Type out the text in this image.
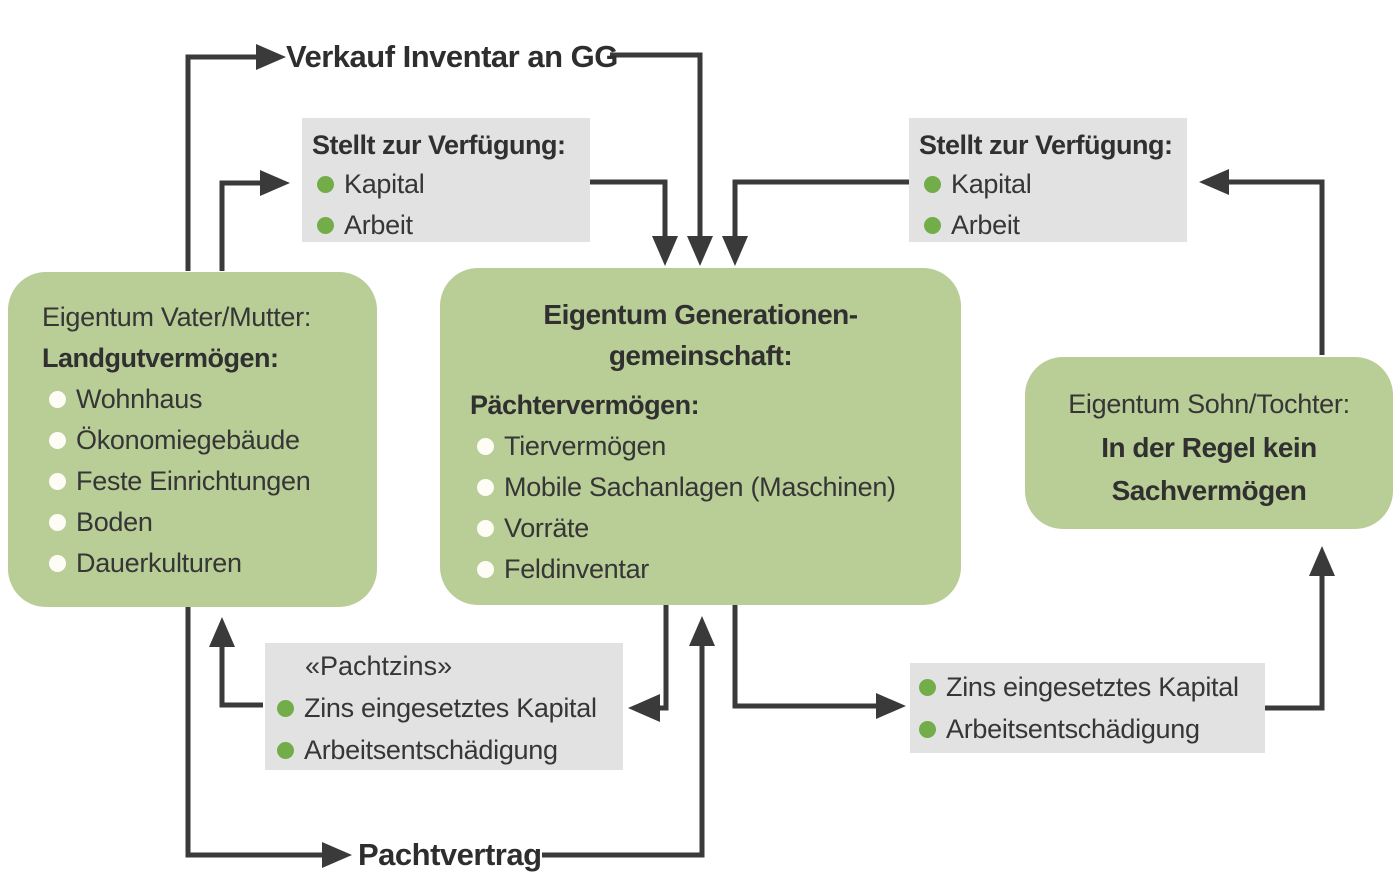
Eigentum Vater/Mutter:
Landgutvermögen:
Wohnhaus
Ökonomiegebäude
Feste Einrichtungen
Boden
Dauerkulturen
Eigentum Generationen-
gemeinschaft:
Pächtervermögen:
Tiervermögen
Mobile Sachanlagen (Maschinen)
Vorräte
Feldinventar
Eigentum Sohn/Tochter:
In der Regel kein
Sachvermögen
Stellt zur Verfügung:
Kapital
Arbeit
Stellt zur Verfügung:
Kapital
Arbeit
«Pachtzins»
Zins eingesetztes Kapital
Arbeitsentschädigung
Zins eingesetztes Kapital
Arbeitsentschädigung
Verkauf Inventar an GG
Pachtvertrag
